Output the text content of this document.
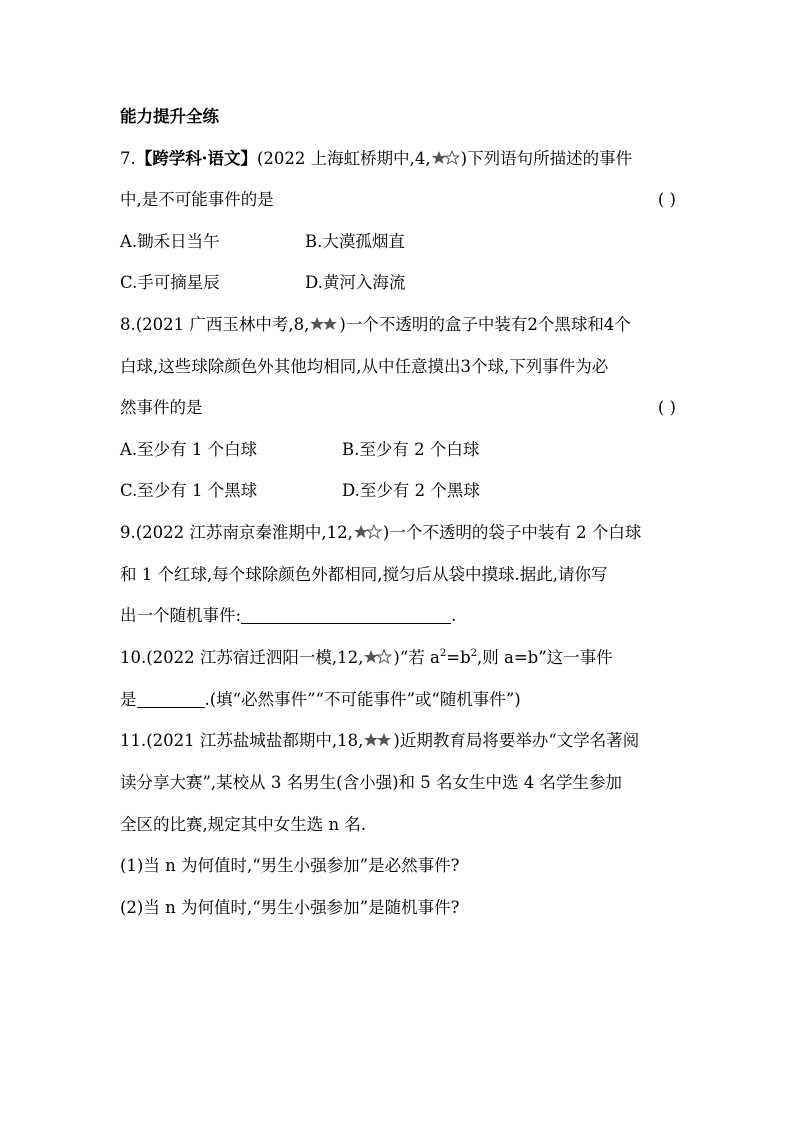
能力提升全练
7.【跨学科·语文】(2022 上海虹桥期中,4, )下列语句所描述的事件
中,是不可能事件的是	( )
A.锄禾日当午	B.大漠孤烟直
C.手可摘星辰	D.黄河入海流
8.(2021 广西玉林中考,8, )一个不透明的盒子中装有2个黑球和4个
白球,这些球除颜色外其他均相同,从中任意摸出3个球,下列事件为必
然事件的是	( )
A.至少有 1 个白球	B.至少有 2 个白球
C.至少有 1 个黑球	D.至少有 2 个黑球
9.(2022 江苏南京秦淮期中,12, )一个不透明的袋子中装有 2 个白球
和 1 个红球,每个球除颜色外都相同,搅匀后从袋中摸球.据此,请你写
出一个随机事件:	.
10.(2022 江苏宿迁泗阳一模,12, )“若 $a^2=b^2$,则 a=b”这一事件
是	.(填“必然事件”“不可能事件”或“随机事件”)
11.(2021 江苏盐城盐都期中,18, )近期教育局将要举办“文学名著阅
读分享大赛”,某校从 3 名男生(含小强)和 5 名女生中选 4 名学生参加
全区的比赛,规定其中女生选 n 名.
(1)当 n 为何值时,“男生小强参加”是必然事件?
(2)当 n 为何值时,“男生小强参加”是随机事件?
